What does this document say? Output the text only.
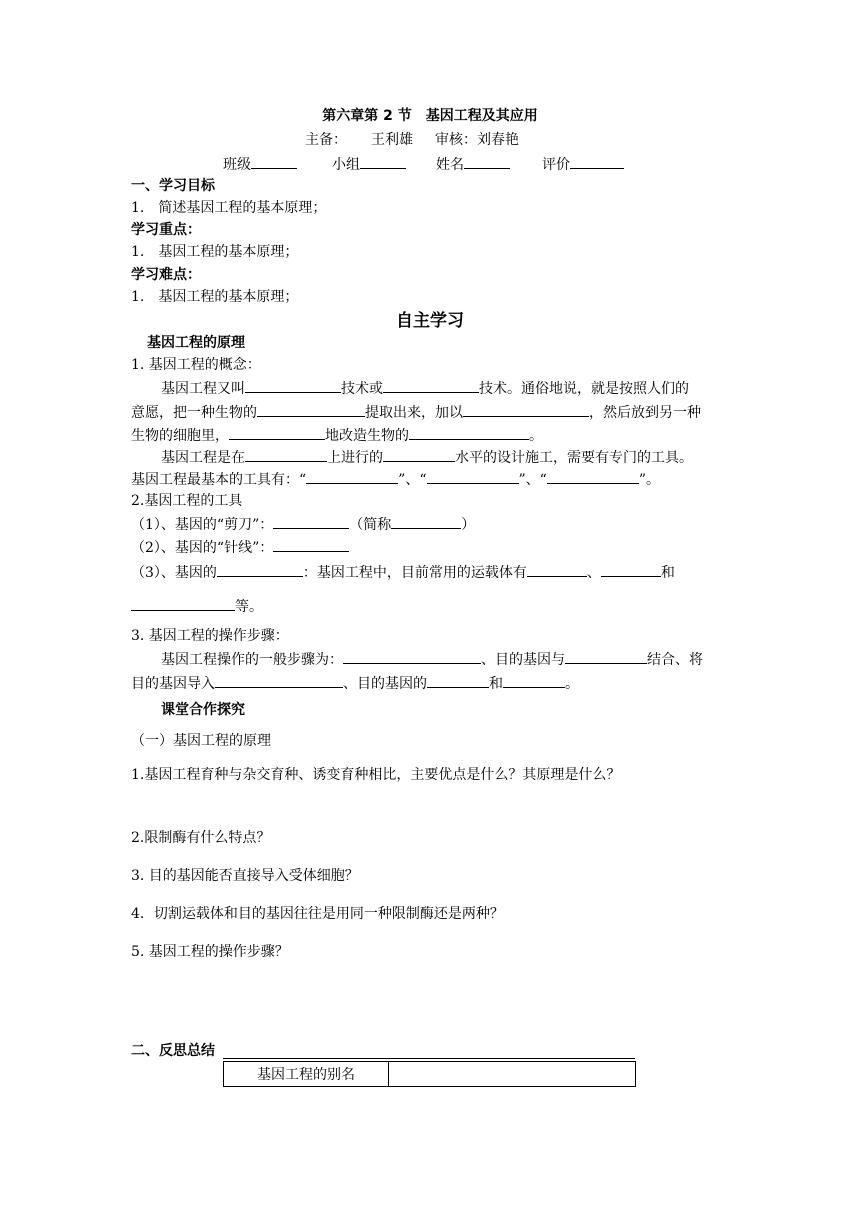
第六章第 2 节　基因工程及其应用
主备： 王利雄 审核：刘春艳
班级	小组	姓名	评价
一、学习目标
1.　简述基因工程的基本原理；
学习重点：
1.　基因工程的基本原理；
学习难点：
1.　基因工程的基本原理；
自主学习
基因工程的原理
1. 基因工程的概念：
基因工程又叫	技术或	技术。通俗地说，就是按照人们的
意愿，把一种生物的	提取出来，加以	，然后放到另一种
生物的细胞里，	地改造生物的	。
基因工程是在	上进行的	水平的设计施工，需要有专门的工具。
基因工程最基本的工具有：“	”、“	”、“	”。
2.基因工程的工具
（1）、基因的“剪刀”：	（简称	）
（2）、基因的“针线”：
（3）、基因的	：基因工程中，目前常用的运载体有	、	和
等。
3. 基因工程的操作步骤：
基因工程操作的一般步骤为：	、目的基因与	结合、将
目的基因导入	、目的基因的	和	。
课堂合作探究
（一）基因工程的原理
1.基因工程育种与杂交育种、诱变育种相比，主要优点是什么？其原理是什么？
2.限制酶有什么特点？
3. 目的基因能否直接导入受体细胞？
4．切割运载体和目的基因往往是用同一种限制酶还是两种？
5. 基因工程的操作步骤？
二、反思总结
基因工程的别名	
